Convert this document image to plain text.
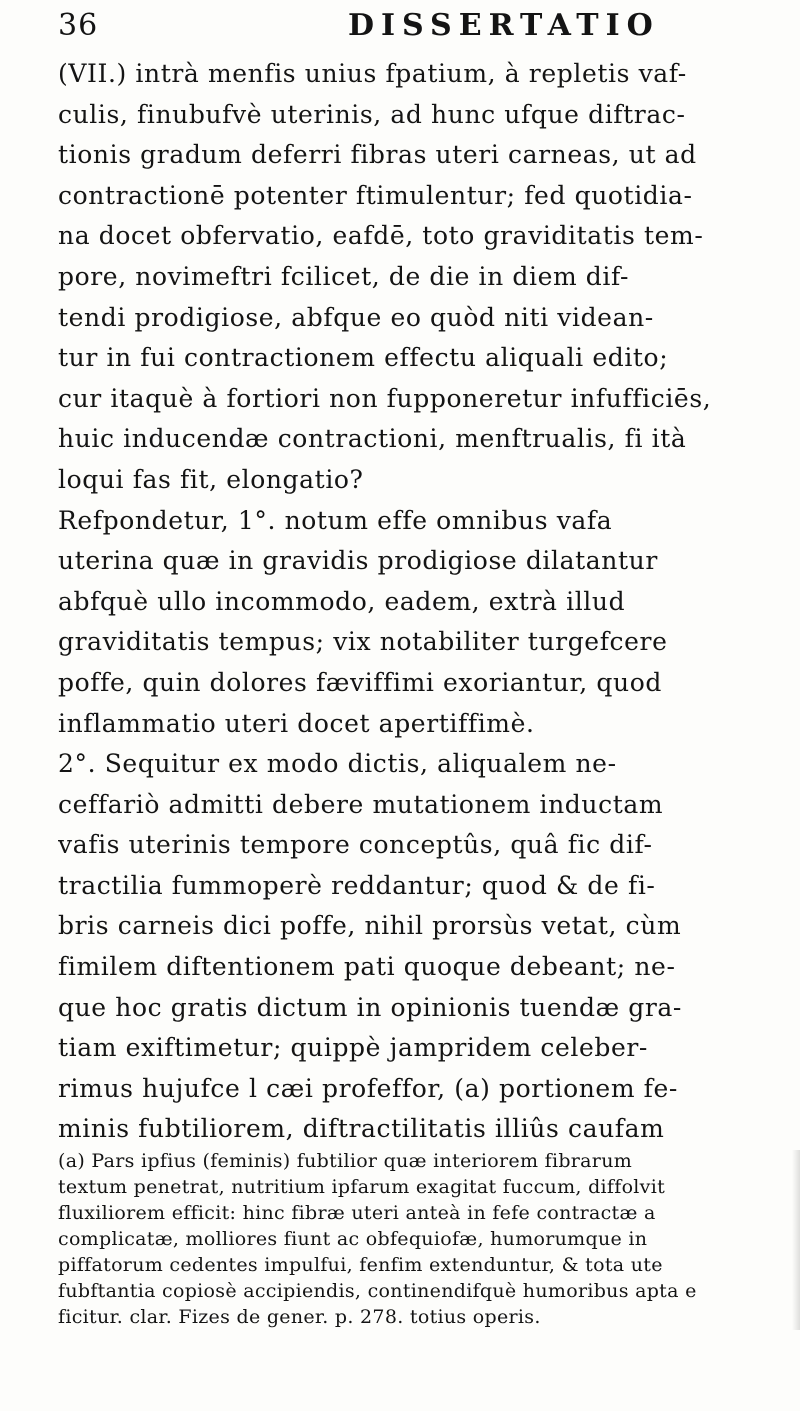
36	DISSERTATIO
(VII.) intrà menfis unius fpatium, à repletis vaf-
culis, finubufvè uterinis, ad hunc ufque diftrac-
tionis gradum deferri fibras uteri carneas, ut ad
contractionē potenter ftimulentur; fed quotidia-
na docet obfervatio, eafdē, toto graviditatis tem-
pore, novimeftri fcilicet, de die in diem dif-
tendi prodigiose, abfque eo quòd niti videan-
tur in fui contractionem effectu aliquali edito;
cur itaquè à fortiori non fupponeretur infufficiēs,
huic inducendæ contractioni, menftrualis, fi ità
loqui fas fit, elongatio?
Refpondetur, 1°. notum effe omnibus vafa
uterina quæ in gravidis prodigiose dilatantur
abfquè ullo incommodo, eadem, extrà illud
graviditatis tempus; vix notabiliter turgefcere
poffe, quin dolores fæviffimi exoriantur, quod
inflammatio uteri docet apertiffimè.
2°. Sequitur ex modo dictis, aliqualem ne-
ceffariò admitti debere mutationem inductam
vafis uterinis tempore conceptûs, quâ fic dif-
tractilia fummoperè reddantur; quod & de fi-
bris carneis dici poffe, nihil prorsùs vetat, cùm
fimilem diftentionem pati quoque debeant; ne-
que hoc gratis dictum in opinionis tuendæ gra-
tiam exiftimetur; quippè jampridem celeber-
rimus hujufce l cæi profeffor, (a) portionem fe-
minis fubtiliorem, diftractilitatis illiûs caufam
(a) Pars ipfius (feminis) fubtilior quæ interiorem fibrarum
textum penetrat, nutritium ipfarum exagitat fuccum, diffolvit
fluxiliorem efficit: hinc fibræ uteri anteà in fefe contractæ a
complicatæ, molliores fiunt ac obfequiofæ, humorumque in
piffatorum cedentes impulfui, fenfim extenduntur, & tota ute
fubftantia copiosè accipiendis, continendifquè humoribus apta e
ficitur. clar. Fizes de gener. p. 278. totius operis.
